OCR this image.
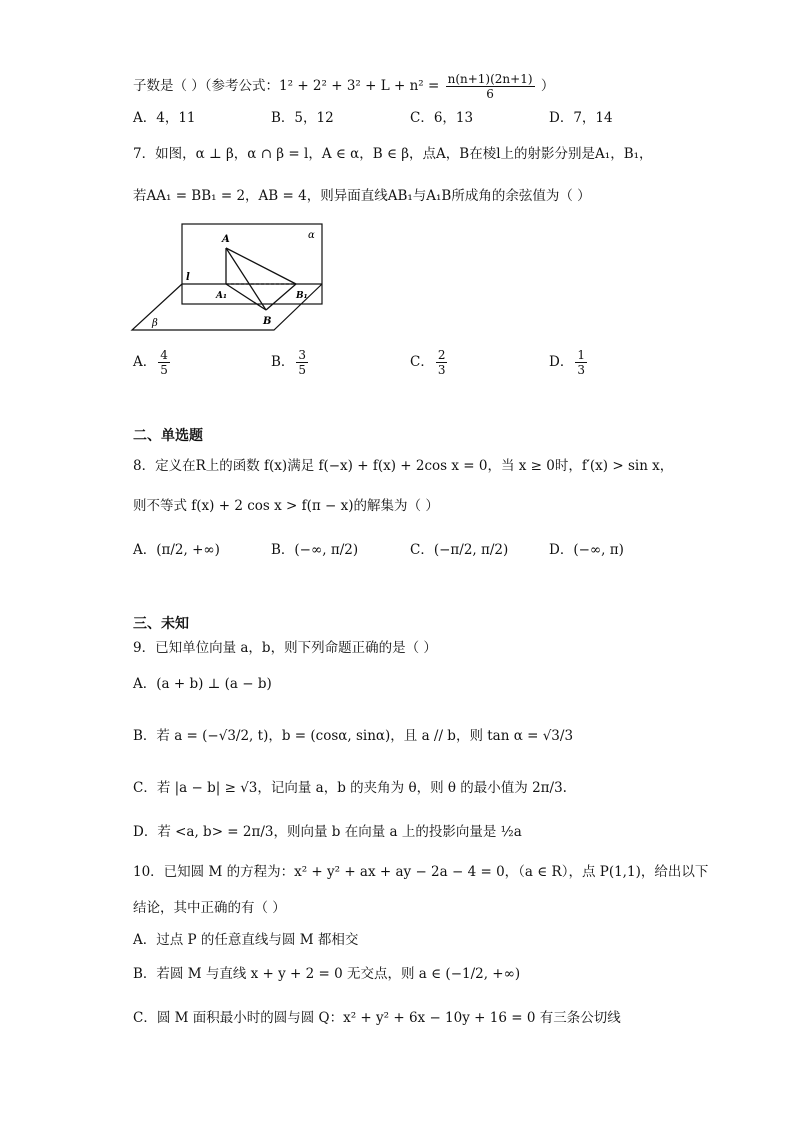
子数是（ ）（参考公式：$1^2 + 2^2 + 3^2 + L + n^2 = \frac{n(n+1)(2n+1)}{6}$ ）
A．4，11	B．5，12	C．6，13	D．7，14
7．如图，α ⊥ β，α ∩ β = l，A ∈ α，B ∈ β，点A，B在棱l上的射影分别是A₁，B₁，
若AA₁ = BB₁ = 2，AB = 4，则异面直线AB₁与A₁B所成角的余弦值为（ ）
A	α
l
A₁	B₁
B
β
A． $\frac{4}{5}$	B． $\frac{3}{5}$	C． $\frac{2}{3}$	D． $\frac{1}{3}$
二、单选题
8．定义在R上的函数 f(x)满足 f(−x) + f(x) + 2cos x = 0，当 x ≥ 0时，f′(x) > sin x，
则不等式 f(x) + 2 cos x > f(π − x)的解集为（ ）
A．(π/2, +∞)	B．(−∞, π/2)	C．(−π/2, π/2)	D．(−∞, π)
三、未知
9．已知单位向量 a，b，则下列命题正确的是（ ）
A．(a + b) ⊥ (a − b)
B．若 a = (−√3/2, t)，b = (cosα, sinα)，且 a // b，则 tan α = √3/3
C．若 |a − b| ≥ √3，记向量 a，b 的夹角为 θ，则 θ 的最小值为 2π/3.
D．若 <a, b> = 2π/3，则向量 b 在向量 a 上的投影向量是 ½a
10．已知圆 M 的方程为：x² + y² + ax + ay − 2a − 4 = 0，（a ∈ R），点 P(1,1)，给出以下
结论，其中正确的有（ ）
A．过点 P 的任意直线与圆 M 都相交
B．若圆 M 与直线 x + y + 2 = 0 无交点，则 a ∈ (−1/2, +∞)
C．圆 M 面积最小时的圆与圆 Q：x² + y² + 6x − 10y + 16 = 0 有三条公切线
